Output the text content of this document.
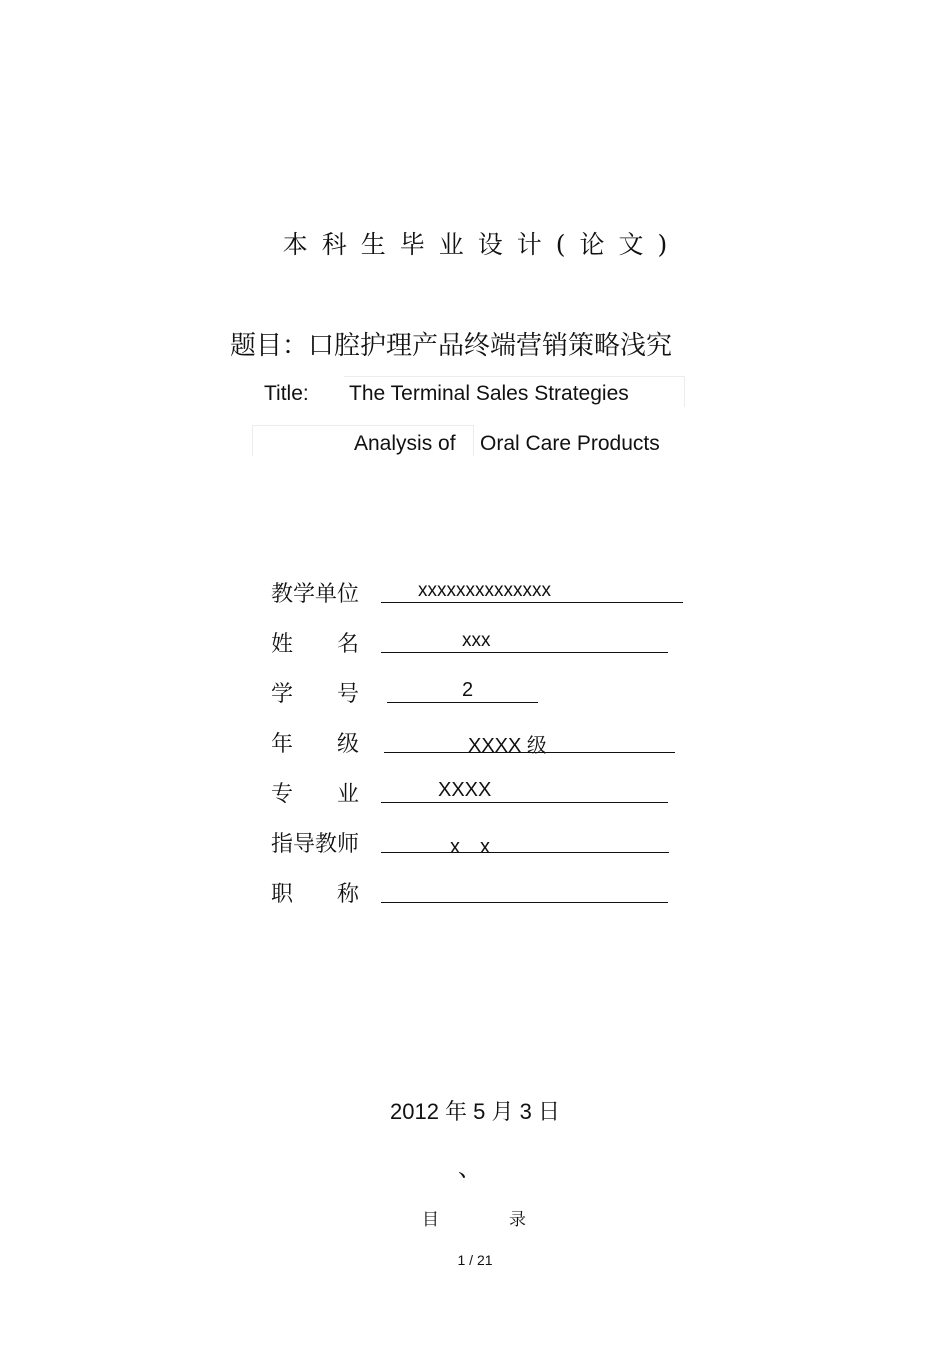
本科生毕业设计(论文)
题目：口腔护理产品终端营销策略浅究
Title: The Terminal Sales Strategies
Analysis of Oral Care Products
教学单位	xxxxxxxxxxxxxx
姓　　名	xxx
学　　号	2
年　　级	XXXX 级
专　　业	XXXX
指导教师	x　x
职　　称
2012 年 5 月 3 日
、
目	录
1 / 21
